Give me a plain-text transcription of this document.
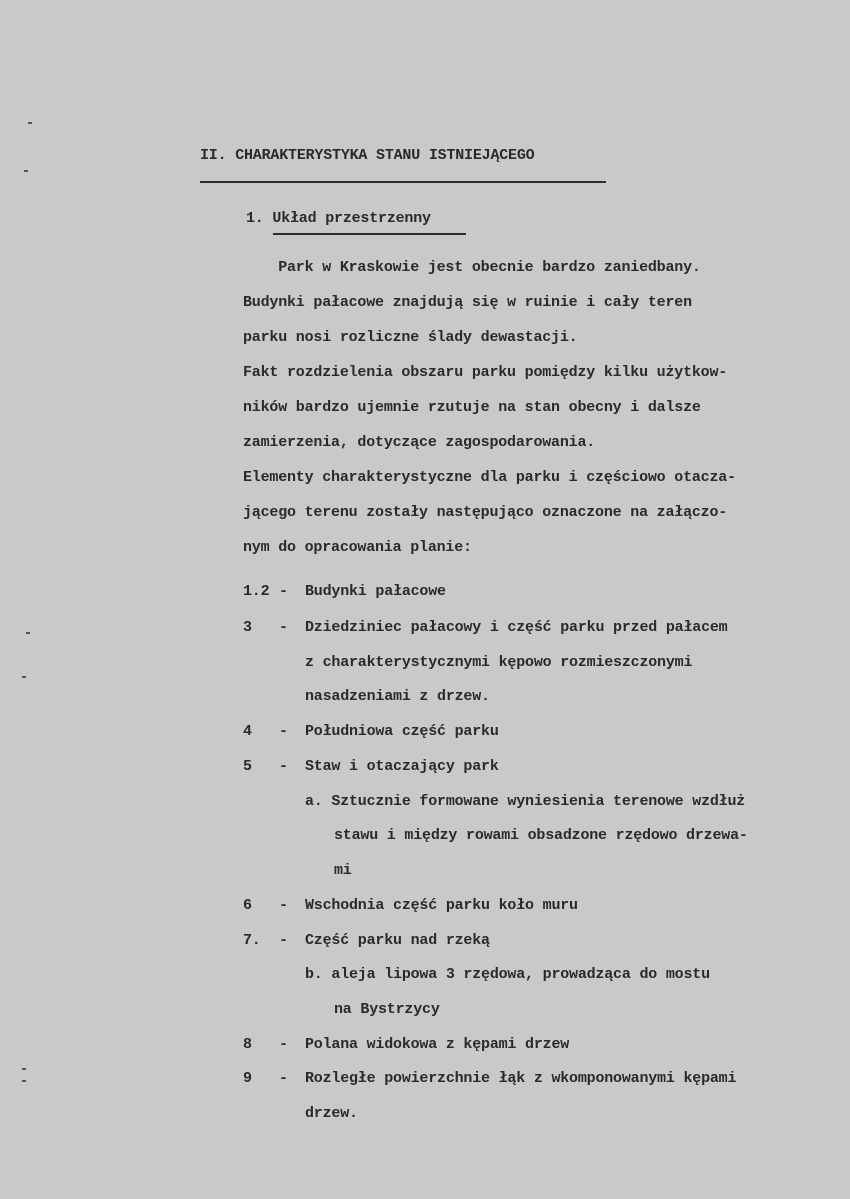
II. CHARAKTERYSTYKA STANU ISTNIEJĄCEGO
1. Układ przestrzenny
Park w Kraskowie jest obecnie bardzo zaniedbany.
Budynki pałacowe znajdują się w ruinie i cały teren
parku nosi rozliczne ślady dewastacji.
Fakt rozdzielenia obszaru parku pomiędzy kilku użytkow-
ników bardzo ujemnie rzutuje na stan obecny i dalsze
zamierzenia, dotyczące zagospodarowania.
Elementy charakterystyczne dla parku i częściowo otacza-
jącego terenu zostały następująco oznaczone na załączo-
nym do opracowania planie:
1.2 - Budynki pałacowe
3 - Dziedziniec pałacowy i część parku przed pałacem
z charakterystycznymi kępowo rozmieszczonymi
nasadzeniami z drzew.
4 - Południowa część parku
5 - Staw i otaczający park
a. Sztucznie formowane wyniesienia terenowe wzdłuż
stawu i między rowami obsadzone rzędowo drzewa-
mi
6 - Wschodnia część parku koło muru
7. - Część parku nad rzeką
b. aleja lipowa 3 rzędowa, prowadząca do mostu
na Bystrzycy
8 - Polana widokowa z kępami drzew
9 - Rozległe powierzchnie łąk z wkomponowanymi kępami
drzew.
